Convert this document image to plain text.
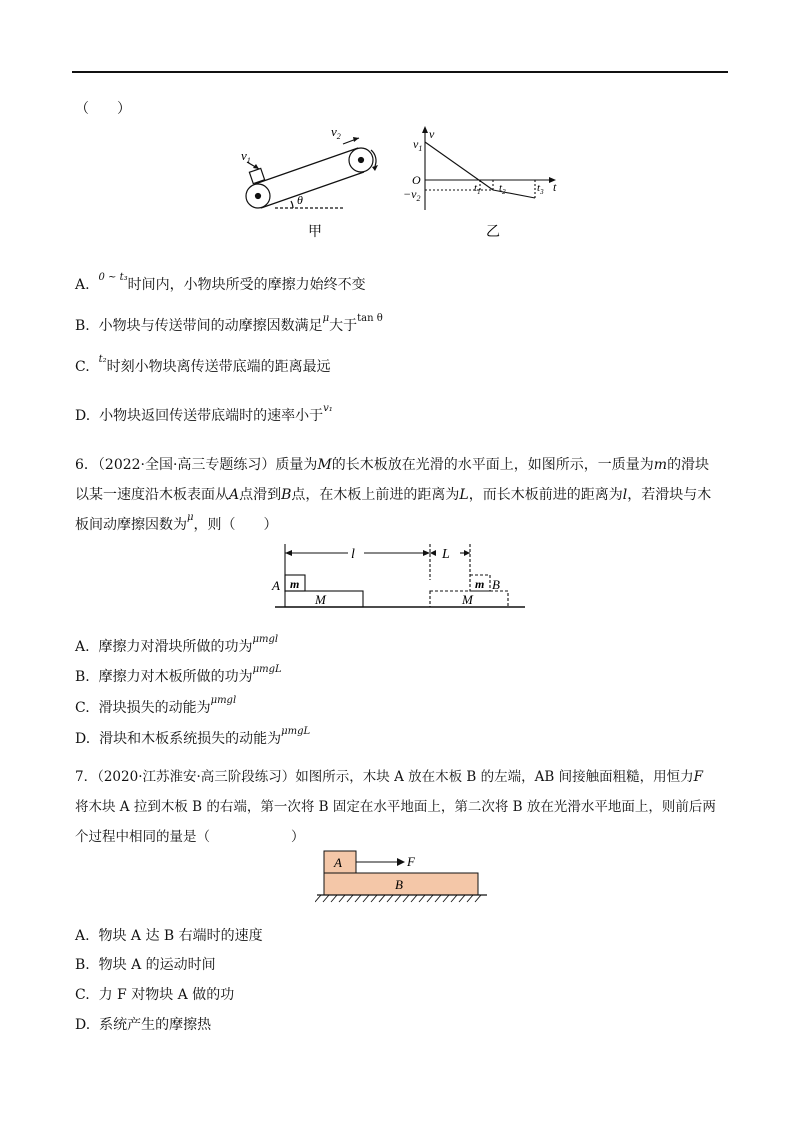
（　　）
$v_1$
$v_2$
θ
甲
$v_1$
v
O
$-v_2$
$t_1$ $t_2$	$t_3$ t
乙
A. $^{0 \sim t_3}$时间内，小物块所受的摩擦力始终不变
B. 小物块与传送带间的动摩擦因数满足$^\mu$大于$^{tan \theta}$
C. $^{t_2}$时刻小物块离传送带底端的距离最远
D. 小物块返回传送带底端时的速率小于$^{v_1}$
6．（2022·全国·高三专题练习）质量为M的长木板放在光滑的水平面上，如图所示，一质量为m的滑块
以某一速度沿木板表面从A点滑到B点，在木板上前进的距离为L，而长木板前进的距离为l，若滑块与木
板间动摩擦因数为$^\mu$，则（　　）
l	L
A m
M
m B
M
A. 摩擦力对滑块所做的功为$^{\mu mgl}$
B. 摩擦力对木板所做的功为$^{\mu mgL}$
C. 滑块损失的动能为$^{\mu mgl}$
D. 滑块和木板系统损失的动能为$^{\mu mgL}$
7．（2020·江苏淮安·高三阶段练习）如图所示，木块 A 放在木板 B 的左端，AB 间接触面粗糙，用恒力F
将木块 A 拉到木板 B 的右端，第一次将 B 固定在水平地面上，第二次将 B 放在光滑水平地面上，则前后两
个过程中相同的量是（　　　　　　）
A
B
F
A. 物块 A 达 B 右端时的速度
B. 物块 A 的运动时间
C. 力 F 对物块 A 做的功
D. 系统产生的摩擦热
